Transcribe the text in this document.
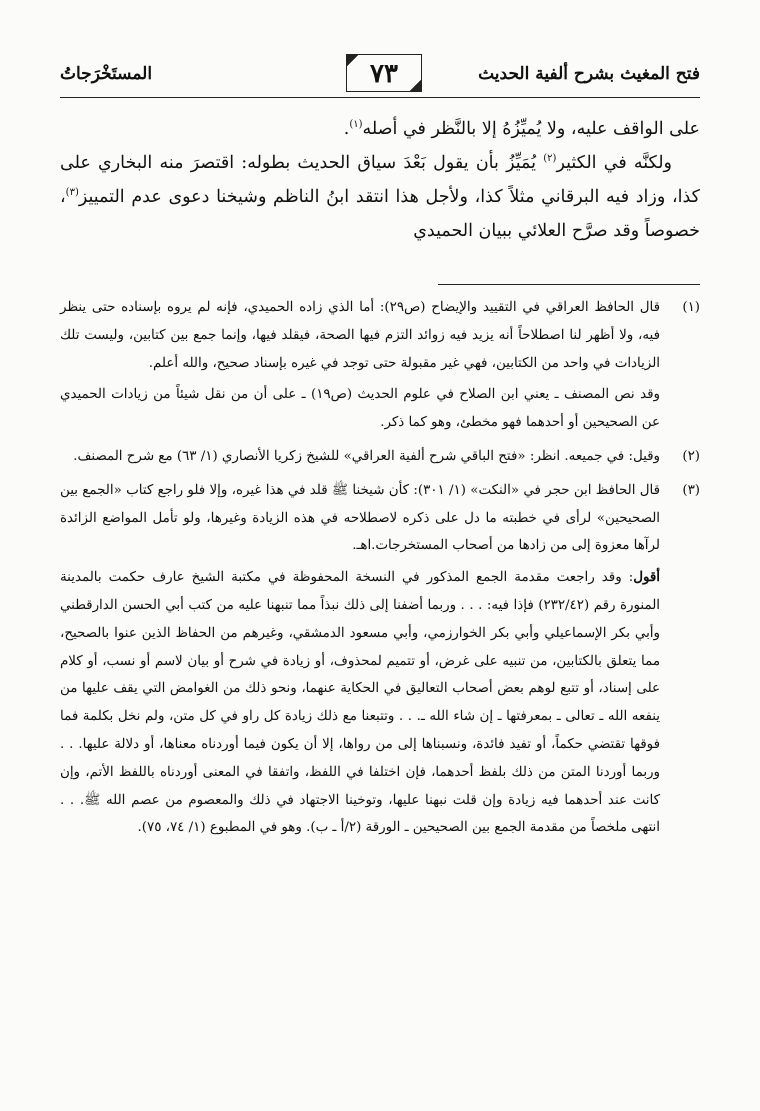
فتح المغيث بشرح ألفية الحديث
٧٣
المستَخْرَجاتُ

على الواقف عليه، ولا يُميِّزُهُ إلا بالنَّظر في أصله$^{(١)}$.

ولكنَّه في الكثير$^{(٢)}$ يُمَيِّزُ بأن يقول بَعْدَ سياق الحديث بطوله: اقتصرَ منه البخاري على كذا، وزاد فيه البرقاني مثلاً كذا، ولأجل هذا انتقد ابنُ الناظم وشيخنا دعوى عدم التمييز$^{(٣)}$، خصوصاً وقد صرَّح العلائي ببيان الحميدي

(١)

قال الحافظ العراقي في التقييد والإيضاح (ص٢٩): أما الذي زاده الحميدي، فإنه لم يروه بإسناده حتى ينظر فيه، ولا أظهر لنا اصطلاحاً أنه يزيد فيه زوائد التزم فيها الصحة، فيقلد فيها، وإنما جمع بين كتابين، وليست تلك الزيادات في واحد من الكتابين، فهي غير مقبولة حتى توجد في غيره بإسناد صحيح، والله أعلم.

وقد نص المصنف ـ يعني ابن الصلاح في علوم الحديث (ص١٩) ـ على أن من نقل شيئاً من زيادات الحميدي عن الصحيحين أو أحدهما فهو مخطئ، وهو كما ذكر.

(٢)

وقيل: في جميعه. انظر: «فتح الباقي شرح ألفية العراقي» للشيخ زكريا الأنصاري (١/ ٦٣) مع شرح المصنف.

(٣)

قال الحافظ ابن حجر في «النكت» (١/ ٣٠١): كأن شيخنا ﷺ قلد في هذا غيره، وإلا فلو راجع كتاب «الجمع بين الصحيحين» لرأى في خطبته ما دل على ذكره لاصطلاحه في هذه الزيادة وغيرها، ولو تأمل المواضع الزائدة لرآها معزوة إلى من زادها من أصحاب المستخرجات.اهـ.

أقول: وقد راجعت مقدمة الجمع المذكور في النسخة المحفوظة في مكتبة الشيخ عارف حكمت بالمدينة المنورة رقم (٢٣٢/٤٢) فإذا فيه: . . . وربما أضفنا إلى ذلك نبذاً مما تنبهنا عليه من كتب أبي الحسن الدارقطني وأبي بكر الإسماعيلي وأبي بكر الخوارزمي، وأبي مسعود الدمشقي، وغيرهم من الحفاظ الذين عنوا بالصحيح، مما يتعلق بالكتابين، من تنبيه على غرض، أو تتميم لمحذوف، أو زيادة في شرح أو بيان لاسم أو نسب، أو كلام على إسناد، أو تتبع لوهم بعض أصحاب التعاليق في الحكاية عنهما، ونحو ذلك من الغوامض التي يقف عليها من ينفعه الله ـ تعالى ـ بمعرفتها ـ إن شاء الله ـ. . . وتتبعنا مع ذلك زيادة كل راو في كل متن، ولم نخل بكلمة فما فوقها تقتضي حكماً، أو تفيد فائدة، ونسبناها إلى من رواها، إلا أن يكون فيما أوردناه معناها، أو دلالة عليها. . . وربما أوردنا المتن من ذلك بلفظ أحدهما، فإن اختلفا في اللفظ، واتفقا في المعنى أوردناه باللفظ الأتم، وإن كانت عند أحدهما فيه زيادة وإن قلت نبهنا عليها، وتوخينا الاجتهاد في ذلك والمعصوم من عصم الله ﷺ. . . انتهى ملخصاً من مقدمة الجمع بين الصحيحين ـ الورقة (٢/أ ـ ب). وهو في المطبوع (١/ ٧٤، ٧٥).
